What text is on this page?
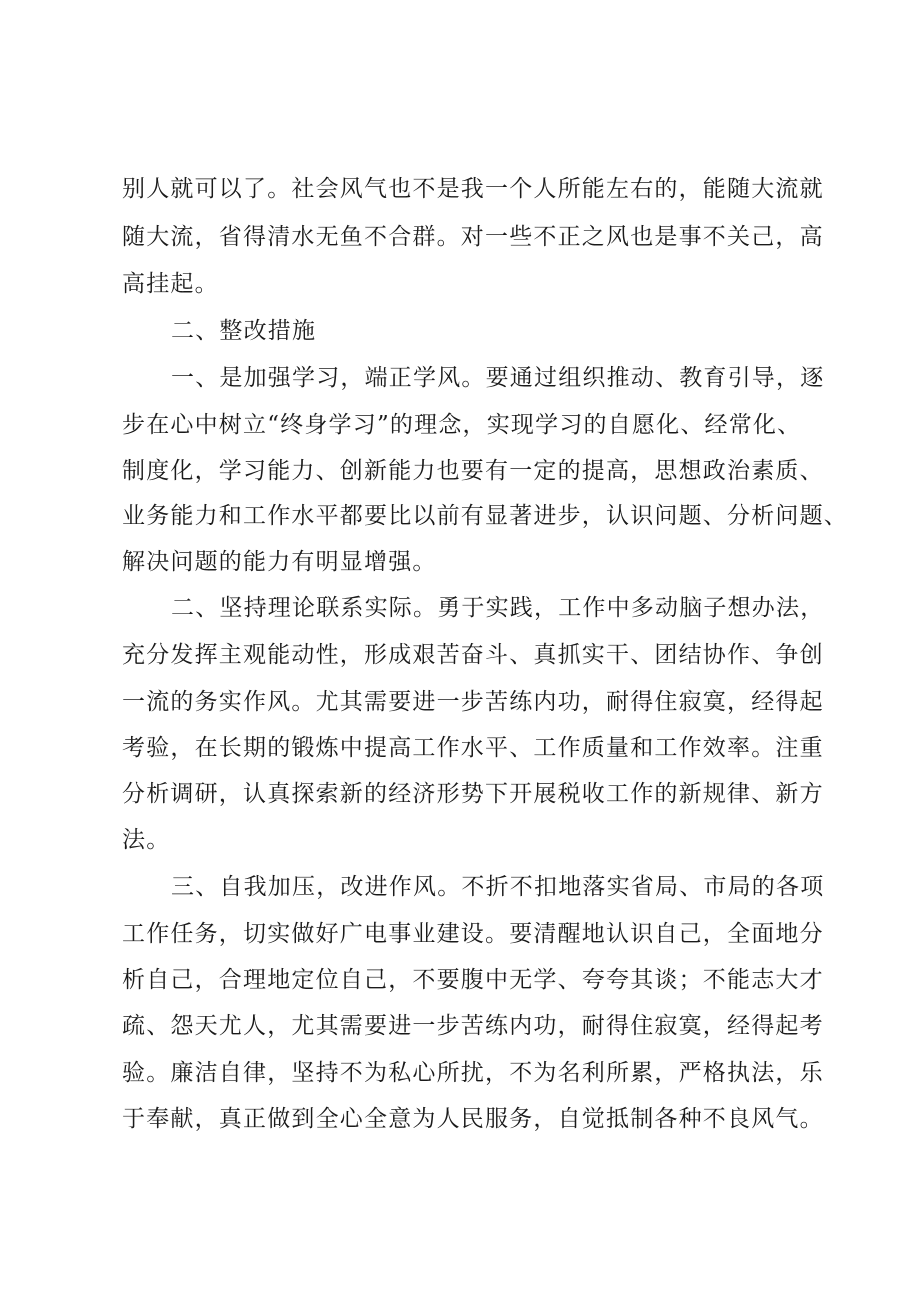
别人就可以了。社会风气也不是我一个人所能左右的，能随大流就
随大流，省得清水无鱼不合群。对一些不正之风也是事不关己，高
高挂起。
二、整改措施
一、是加强学习，端正学风。要通过组织推动、教育引导，逐
步在心中树立“终身学习”的理念，实现学习的自愿化、经常化、
制度化，学习能力、创新能力也要有一定的提高，思想政治素质、
业务能力和工作水平都要比以前有显著进步，认识问题、分析问题、
解决问题的能力有明显增强。
二、坚持理论联系实际。勇于实践，工作中多动脑子想办法，
充分发挥主观能动性，形成艰苦奋斗、真抓实干、团结协作、争创
一流的务实作风。尤其需要进一步苦练内功，耐得住寂寞，经得起
考验，在长期的锻炼中提高工作水平、工作质量和工作效率。注重
分析调研，认真探索新的经济形势下开展税收工作的新规律、新方
法。
三、自我加压，改进作风。不折不扣地落实省局、市局的各项
工作任务，切实做好广电事业建设。要清醒地认识自己，全面地分
析自己，合理地定位自己，不要腹中无学、夸夸其谈；不能志大才
疏、怨天尤人，尤其需要进一步苦练内功，耐得住寂寞，经得起考
验。廉洁自律，坚持不为私心所扰，不为名利所累，严格执法，乐
于奉献，真正做到全心全意为人民服务，自觉抵制各种不良风气。
